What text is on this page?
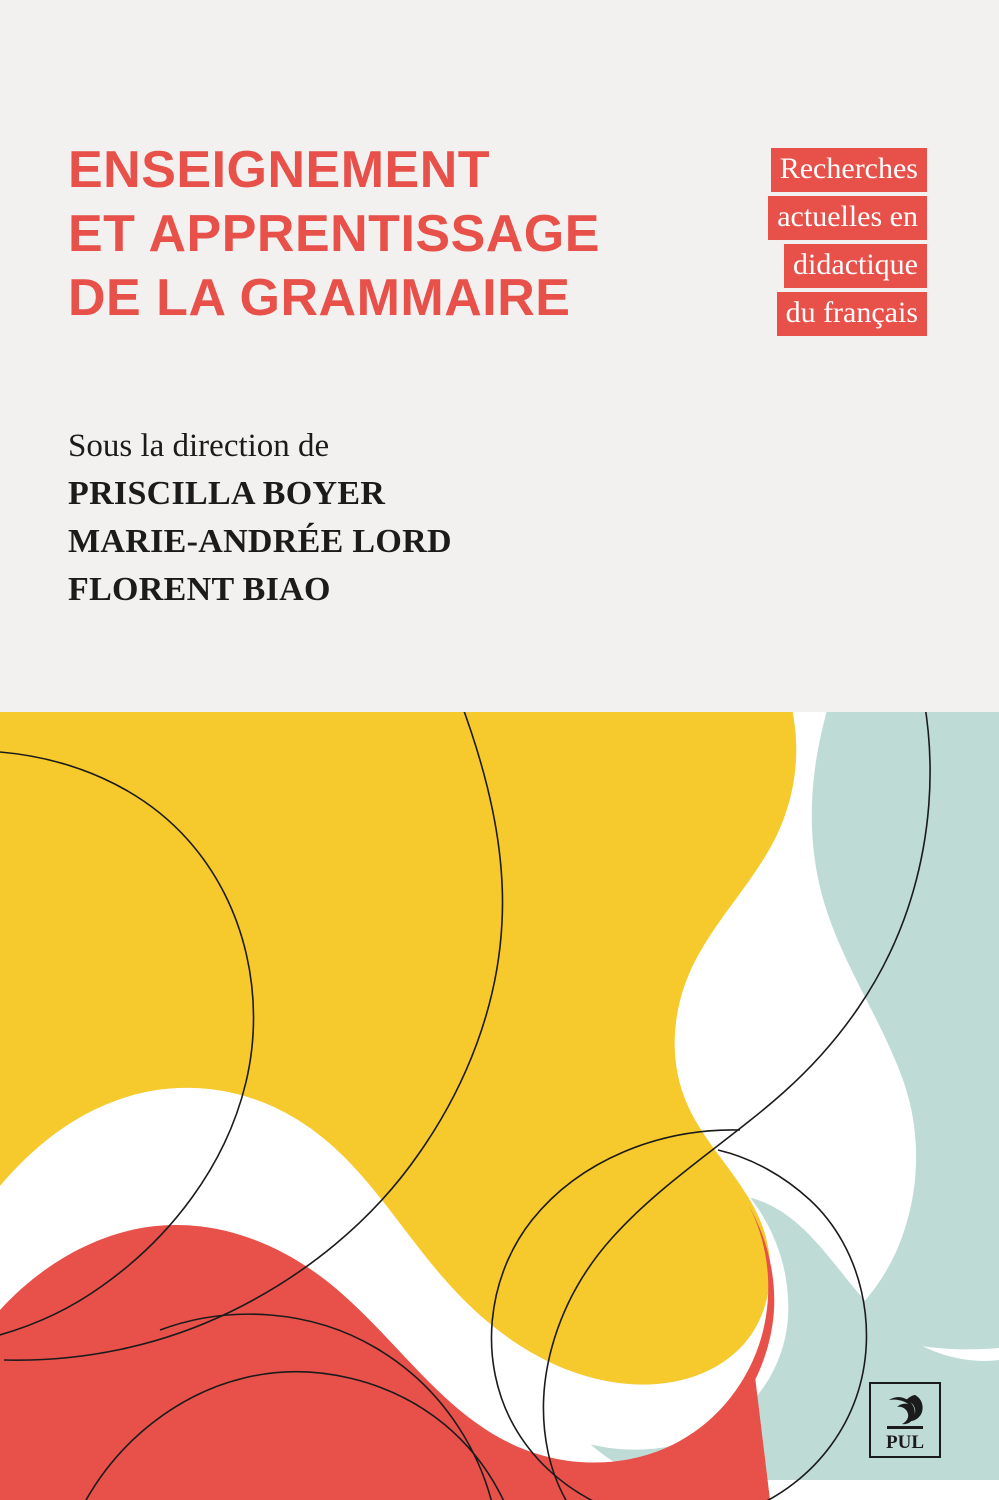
ENSEIGNEMENT
ET APPRENTISSAGE
DE LA GRAMMAIRE
Recherches
actuelles en
didactique
du français
Sous la direction de
PRISCILLA BOYER
MARIE-ANDRÉE LORD
FLORENT BIAO
PUL
